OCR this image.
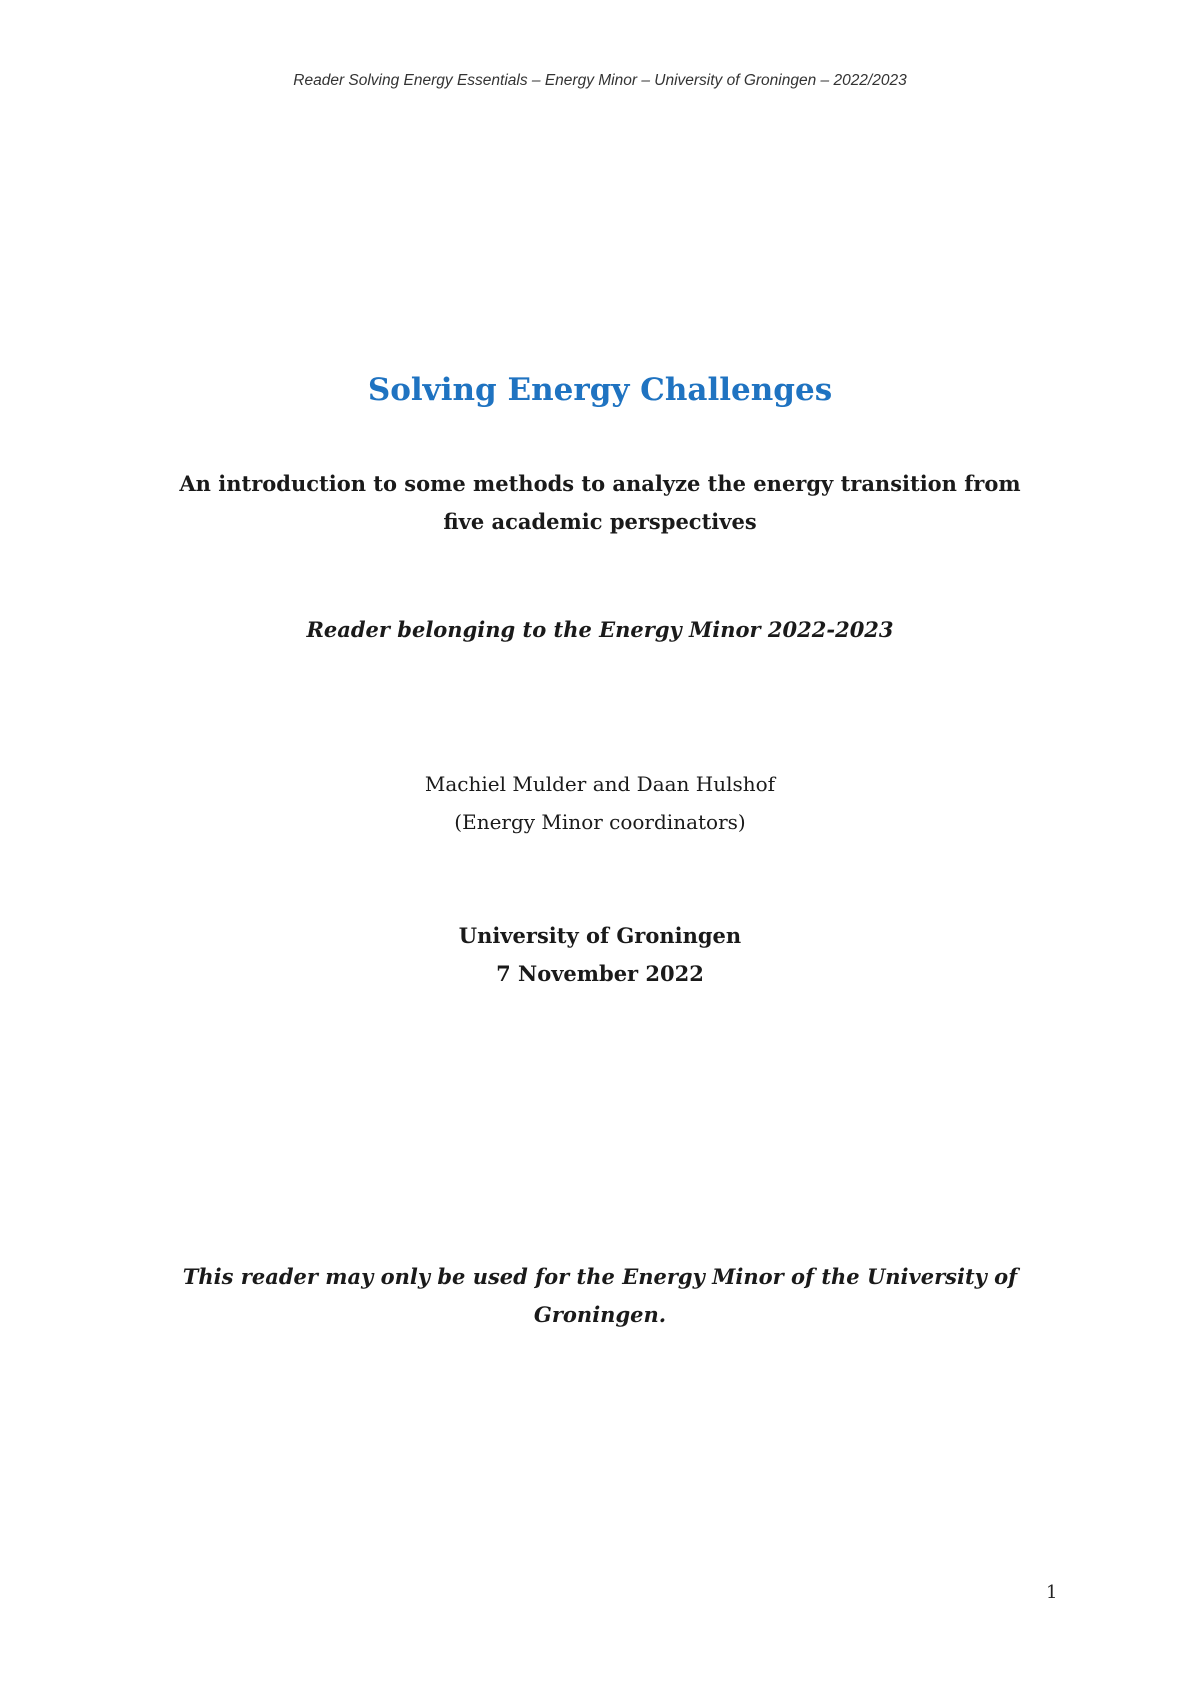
Reader Solving Energy Essentials – Energy Minor – University of Groningen – 2022/2023
Solving Energy Challenges

An introduction to some methods to analyze the energy transition from five academic perspectives

Reader belonging to the Energy Minor 2022-2023

Machiel Mulder and Daan Hulshof
(Energy Minor coordinators)
University of Groningen
7 November 2022

This reader may only be used for the Energy Minor of the University of Groningen.

1
